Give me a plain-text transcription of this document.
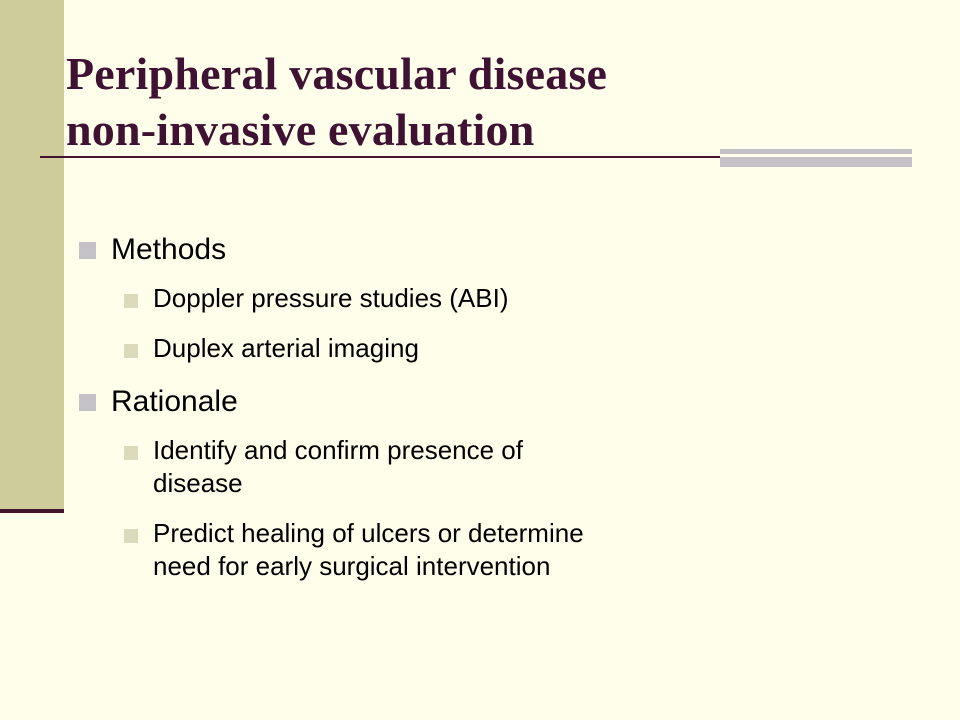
Peripheral vascular disease
non-invasive evaluation
Methods
Doppler pressure studies (ABI)
Duplex arterial imaging
Rationale
Identify and confirm presence of
disease
Predict healing of ulcers or determine
need for early surgical intervention
